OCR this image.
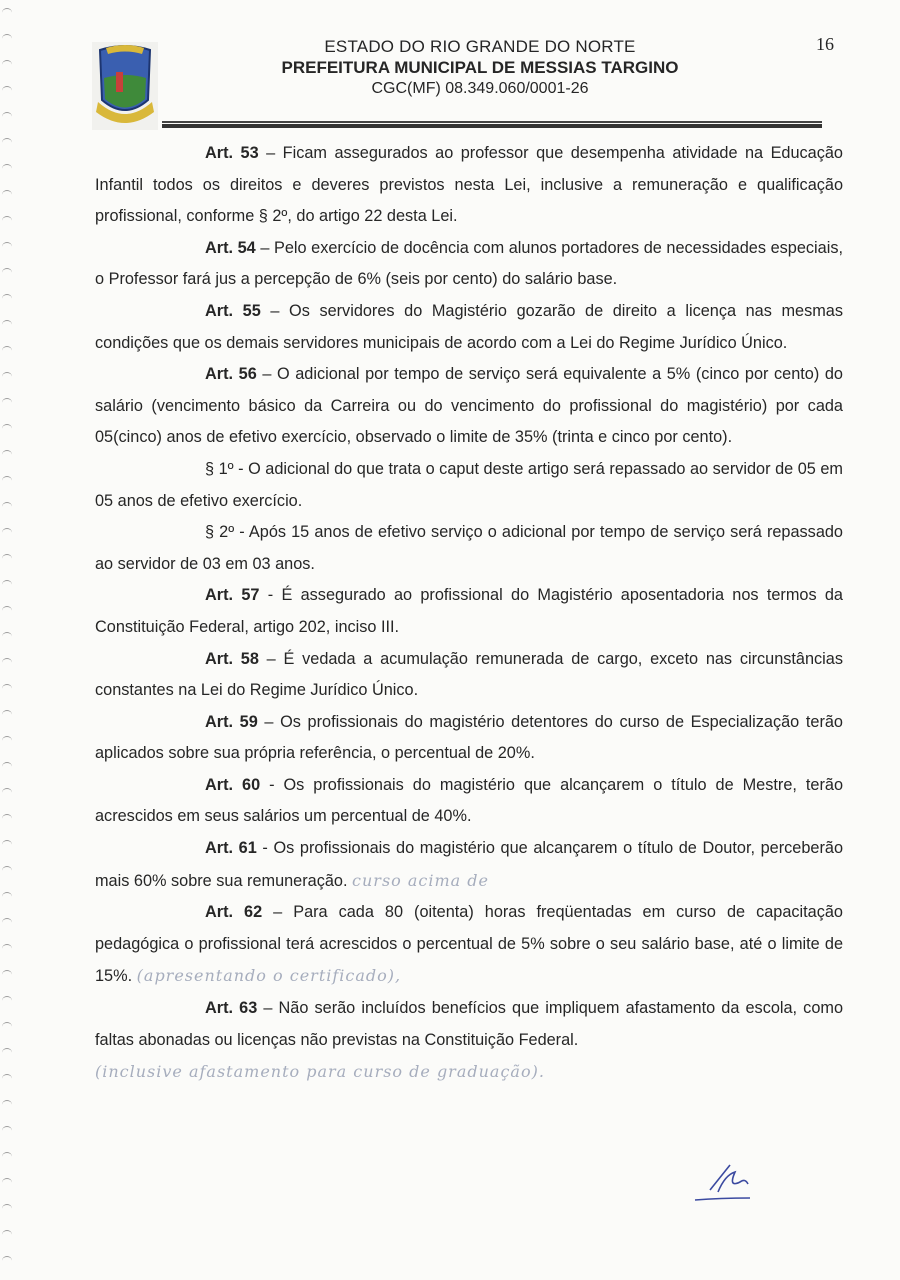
ESTADO DO RIO GRANDE DO NORTE
PREFEITURA MUNICIPAL DE MESSIAS TARGINO
CGC(MF) 08.349.060/0001-26
16

Art. 53 – Ficam assegurados ao professor que desempenha atividade na Educação Infantil todos os direitos e deveres previstos nesta Lei, inclusive a remuneração e qualificação profissional, conforme § 2º, do artigo 22 desta Lei.

Art. 54 – Pelo exercício de docência com alunos portadores de necessidades especiais, o Professor fará jus a percepção de 6% (seis por cento) do salário base.

Art. 55 – Os servidores do Magistério gozarão de direito a licença nas mesmas condições que os demais servidores municipais de acordo com a Lei do Regime Jurídico Único.

Art. 56 – O adicional por tempo de serviço será equivalente a 5% (cinco por cento) do salário (vencimento básico da Carreira ou do vencimento do profissional do magistério) por cada 05(cinco) anos de efetivo exercício, observado o limite de 35% (trinta e cinco por cento).

§ 1º - O adicional do que trata o caput deste artigo será repassado ao servidor de 05 em 05 anos de efetivo exercício.

§ 2º - Após 15 anos de efetivo serviço o adicional por tempo de serviço será repassado ao servidor de 03 em 03 anos.

Art. 57 - É assegurado ao profissional do Magistério aposentadoria nos termos da Constituição Federal, artigo 202, inciso III.

Art. 58 – É vedada a acumulação remunerada de cargo, exceto nas circunstâncias constantes na Lei do Regime Jurídico Único.

Art. 59 – Os profissionais do magistério detentores do curso de Especialização terão aplicados sobre sua própria referência, o percentual de 20%.

Art. 60 - Os profissionais do magistério que alcançarem o título de Mestre, terão acrescidos em seus salários um percentual de 40%.

Art. 61 - Os profissionais do magistério que alcançarem o título de Doutor, perceberão mais 60% sobre sua remuneração. curso acima de

Art. 62 – Para cada 80 (oitenta) horas freqüentadas em curso de capacitação pedagógica o profissional terá acrescidos o percentual de 5% sobre o seu salário base, até o limite de 15%. (apresentando o certificado),

Art. 63 – Não serão incluídos benefícios que impliquem afastamento da escola, como faltas abonadas ou licenças não previstas na Constituição Federal.

(inclusive afastamento para curso de graduação).
